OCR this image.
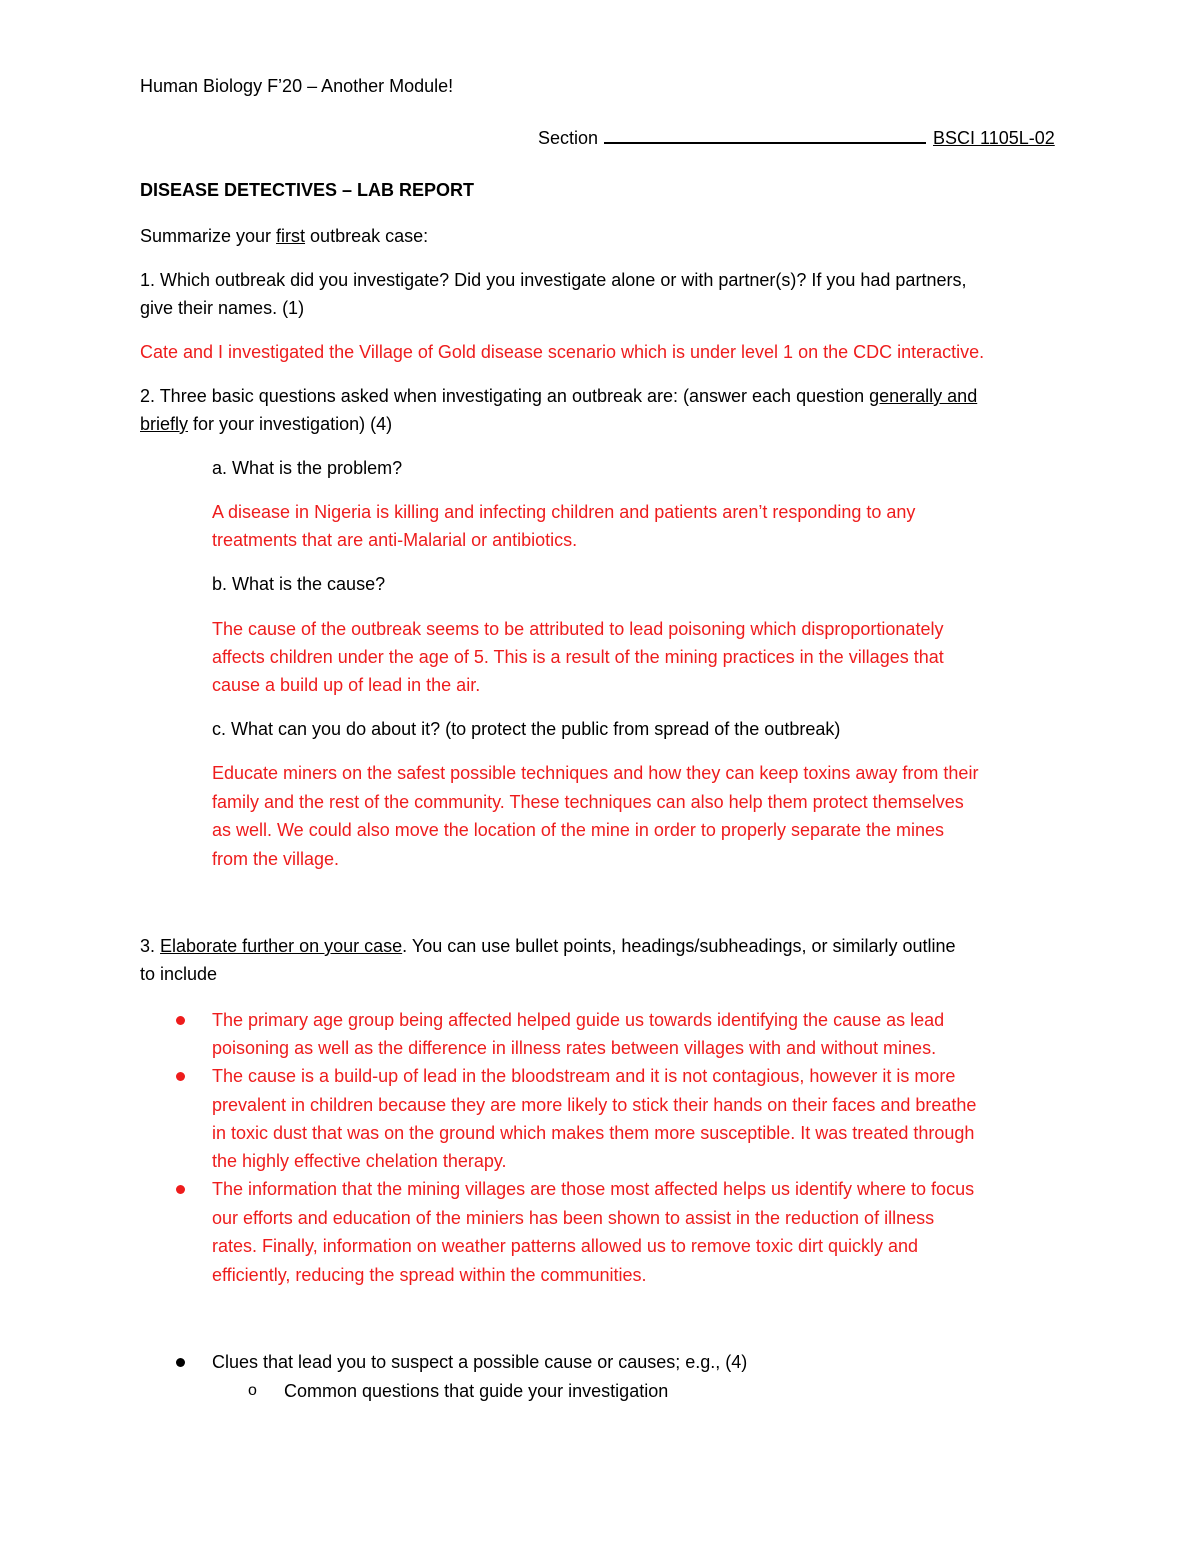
Human Biology F’20 – Another Module!
Section	BSCI 1105L-02
DISEASE DETECTIVES – LAB REPORT
Summarize your first outbreak case:
1. Which outbreak did you investigate? Did you investigate alone or with partner(s)? If you had partners,
give their names. (1)
Cate and I investigated the Village of Gold disease scenario which is under level 1 on the CDC interactive.
2. Three basic questions asked when investigating an outbreak are: (answer each question generally and
briefly for your investigation) (4)
a. What is the problem?
A disease in Nigeria is killing and infecting children and patients aren’t responding to any
treatments that are anti-Malarial or antibiotics.
b. What is the cause?
The cause of the outbreak seems to be attributed to lead poisoning which disproportionately
affects children under the age of 5. This is a result of the mining practices in the villages that
cause a build up of lead in the air.
c. What can you do about it? (to protect the public from spread of the outbreak)
Educate miners on the safest possible techniques and how they can keep toxins away from their
family and the rest of the community. These techniques can also help them protect themselves
as well. We could also move the location of the mine in order to properly separate the mines
from the village.
3. Elaborate further on your case. You can use bullet points, headings/subheadings, or similarly outline
to include
The primary age group being affected helped guide us towards identifying the cause as lead
poisoning as well as the difference in illness rates between villages with and without mines.
The cause is a build-up of lead in the bloodstream and it is not contagious, however it is more
prevalent in children because they are more likely to stick their hands on their faces and breathe
in toxic dust that was on the ground which makes them more susceptible. It was treated through
the highly effective chelation therapy.
The information that the mining villages are those most affected helps us identify where to focus
our efforts and education of the miniers has been shown to assist in the reduction of illness
rates. Finally, information on weather patterns allowed us to remove toxic dirt quickly and
efficiently, reducing the spread within the communities.
Clues that lead you to suspect a possible cause or causes; e.g., (4)
o Common questions that guide your investigation
